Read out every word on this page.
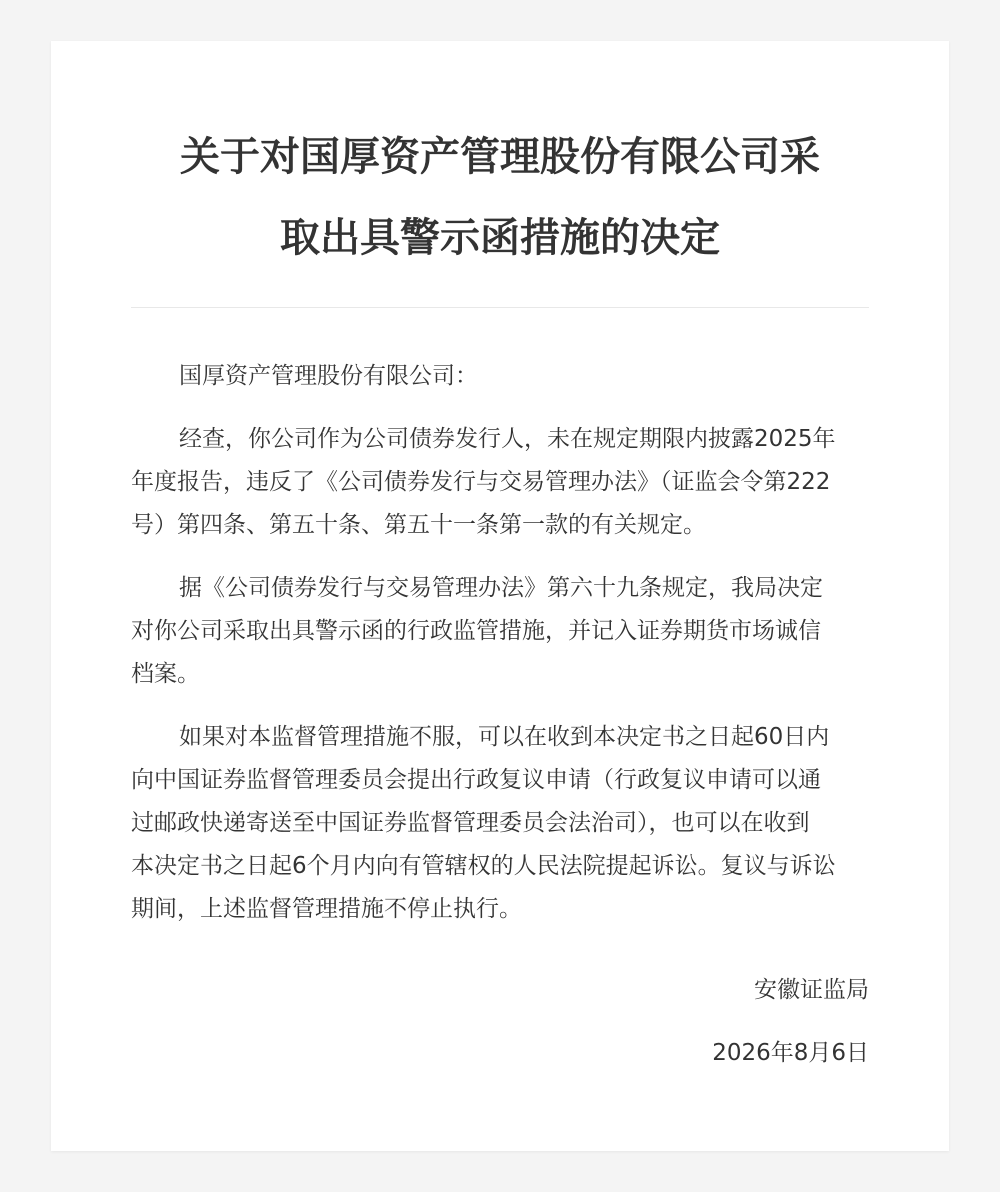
关于对国厚资产管理股份有限公司采
取出具警示函措施的决定

国厚资产管理股份有限公司：

经查，你公司作为公司债券发行人，未在规定期限内披露2025年
年度报告，违反了《公司债券发行与交易管理办法》（证监会令第222
号）第四条、第五十条、第五十一条第一款的有关规定。

据《公司债券发行与交易管理办法》第六十九条规定，我局决定
对你公司采取出具警示函的行政监管措施，并记入证券期货市场诚信
档案。

如果对本监督管理措施不服，可以在收到本决定书之日起60日内
向中国证券监督管理委员会提出行政复议申请（行政复议申请可以通
过邮政快递寄送至中国证券监督管理委员会法治司），也可以在收到
本决定书之日起6个月内向有管辖权的人民法院提起诉讼。复议与诉讼
期间，上述监督管理措施不停止执行。

安徽证监局
2026年8月6日
